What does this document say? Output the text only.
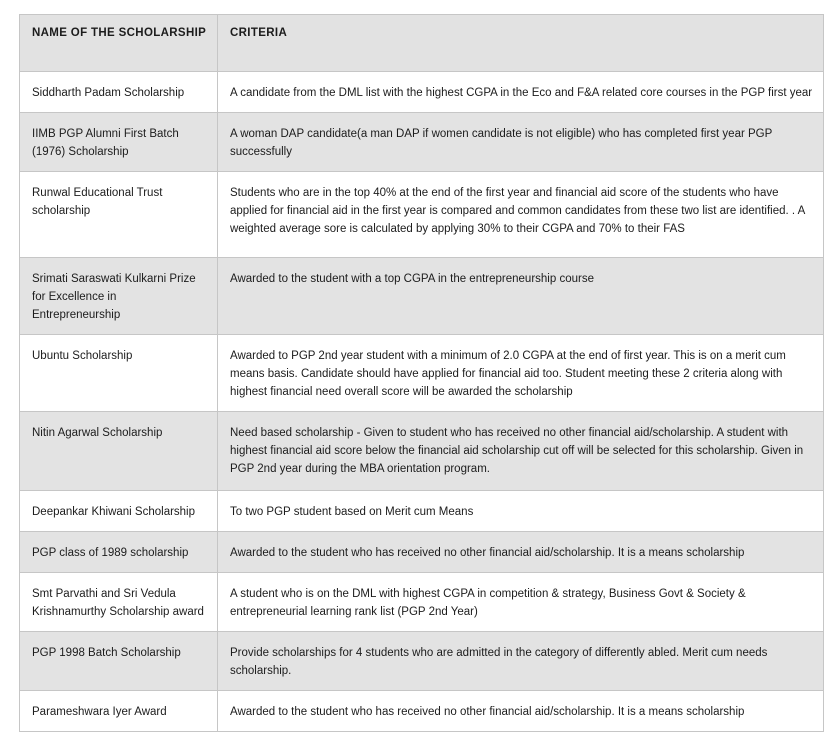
NAME OF THE SCHOLARSHIP	CRITERIA
Siddharth Padam Scholarship	A candidate from the DML list with the highest CGPA in the Eco and F&A related core courses in the PGP first year
IIMB PGP Alumni First Batch (1976) Scholarship	A woman DAP candidate(a man DAP if women candidate is not eligible) who has completed first year PGP successfully
Runwal Educational Trust scholarship	Students who are in the top 40% at the end of the first year and financial aid score of the students who have applied for financial aid in the first year is compared and common candidates from these two list are identified. . A weighted average sore is calculated by applying 30% to their CGPA and 70% to their FAS
Srimati Saraswati Kulkarni Prize for Excellence in Entrepreneurship	Awarded to the student with a top CGPA in the entrepreneurship course
Ubuntu Scholarship	Awarded to PGP 2nd year student with a minimum of 2.0 CGPA at the end of first year. This is on a merit cum means basis. Candidate should have applied for financial aid too. Student meeting these 2 criteria along with highest financial need overall score will be awarded the scholarship
Nitin Agarwal Scholarship	Need based scholarship - Given to student who has received no other financial aid/scholarship. A student with highest financial aid score below the financial aid scholarship cut off will be selected for this scholarship. Given in PGP 2nd year during the MBA orientation program.
Deepankar Khiwani Scholarship	To two PGP student based on Merit cum Means
PGP class of 1989 scholarship	Awarded to the student who has received no other financial aid/scholarship. It is a means scholarship
Smt Parvathi and Sri Vedula Krishnamurthy Scholarship award	A student who is on the DML with highest CGPA in competition & strategy, Business Govt & Society & entrepreneurial learning rank list (PGP 2nd Year)
PGP 1998 Batch Scholarship	Provide scholarships for 4 students who are admitted in the category of differently abled. Merit cum needs scholarship.
Parameshwara Iyer Award	Awarded to the student who has received no other financial aid/scholarship. It is a means scholarship
